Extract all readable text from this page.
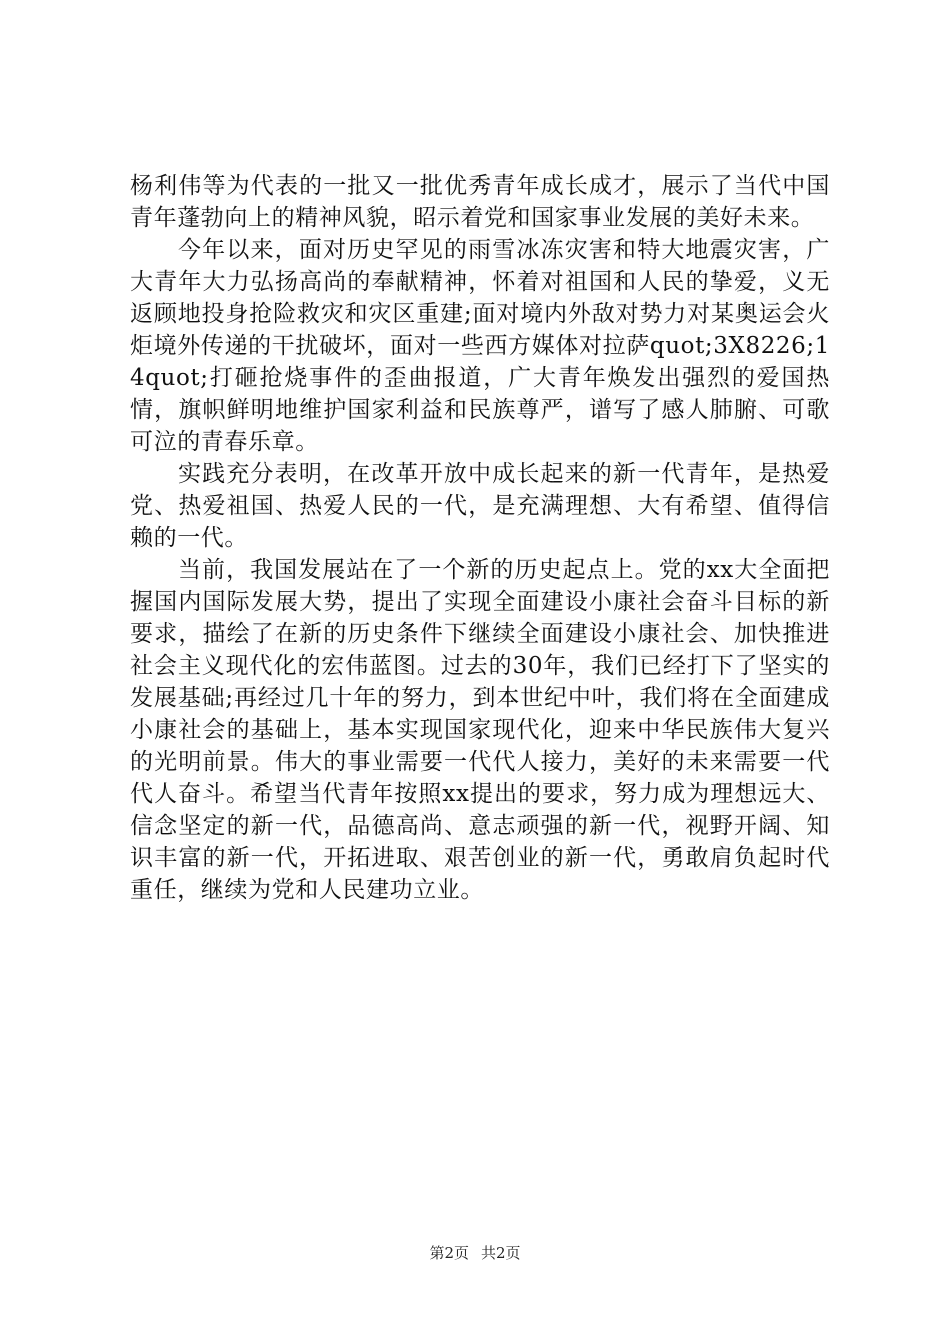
杨利伟等为代表的一批又一批优秀青年成长成才，展示了当代中国青年蓬勃向上的精神风貌，昭示着党和国家事业发展的美好未来。

今年以来，面对历史罕见的雨雪冰冻灾害和特大地震灾害，广大青年大力弘扬高尚的奉献精神，怀着对祖国和人民的挚爱，义无返顾地投身抢险救灾和灾区重建;面对境内外敌对势力对某奥运会火炬境外传递的干扰破坏，面对一些西方媒体对拉萨quot;3X8226;14quot;打砸抢烧事件的歪曲报道，广大青年焕发出强烈的爱国热情，旗帜鲜明地维护国家利益和民族尊严，谱写了感人肺腑、可歌可泣的青春乐章。

实践充分表明，在改革开放中成长起来的新一代青年，是热爱党、热爱祖国、热爱人民的一代，是充满理想、大有希望、值得信赖的一代。

当前，我国发展站在了一个新的历史起点上。党的xx大全面把握国内国际发展大势，提出了实现全面建设小康社会奋斗目标的新要求，描绘了在新的历史条件下继续全面建设小康社会、加快推进社会主义现代化的宏伟蓝图。过去的30年，我们已经打下了坚实的发展基础;再经过几十年的努力，到本世纪中叶，我们将在全面建成小康社会的基础上，基本实现国家现代化，迎来中华民族伟大复兴的光明前景。伟大的事业需要一代代人接力，美好的未来需要一代代人奋斗。希望当代青年按照xx提出的要求，努力成为理想远大、信念坚定的新一代，品德高尚、意志顽强的新一代，视野开阔、知识丰富的新一代，开拓进取、艰苦创业的新一代，勇敢肩负起时代重任，继续为党和人民建功立业。

第2页 共2页
